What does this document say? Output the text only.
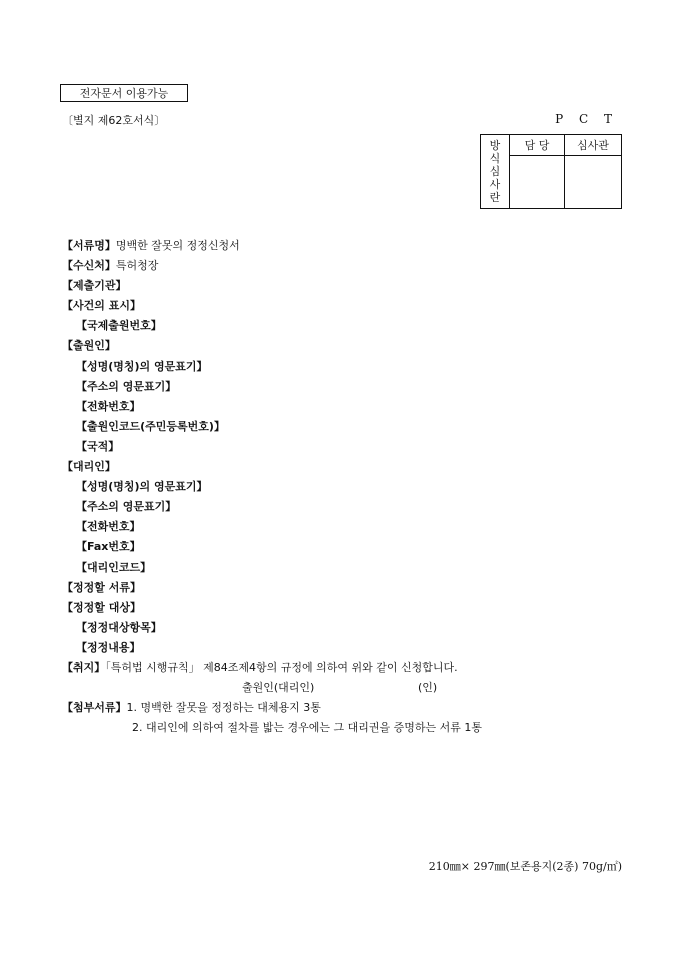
전자문서 이용가능
〔별지 제62호서식〕	P C T
방
식
심
사
란	담 당	심사관

【서류명】명백한 잘못의 정정신청서
【수신처】특허청장
【제출기관】
【사건의 표시】
【국제출원번호】
【출원인】
【성명(명칭)의 영문표기】
【주소의 영문표기】
【전화번호】
【출원인코드(주민등록번호)】
【국적】
【대리인】
【성명(명칭)의 영문표기】
【주소의 영문표기】
【전화번호】
【Fax번호】
【대리인코드】
【정정할 서류】
【정정할 대상】
【정정대상항목】
【정정내용】
【취지】「특허법 시행규칙」 제84조제4항의 규정에 의하여 위와 같이 신청합니다.
출원인(대리인)	(인)
【첨부서류】1. 명백한 잘못을 정정하는 대체용지 3통
2. 대리인에 의하여 절차를 밟는 경우에는 그 대리권을 증명하는 서류 1통
210㎜× 297㎜(보존용지(2종) 70g/㎡)
